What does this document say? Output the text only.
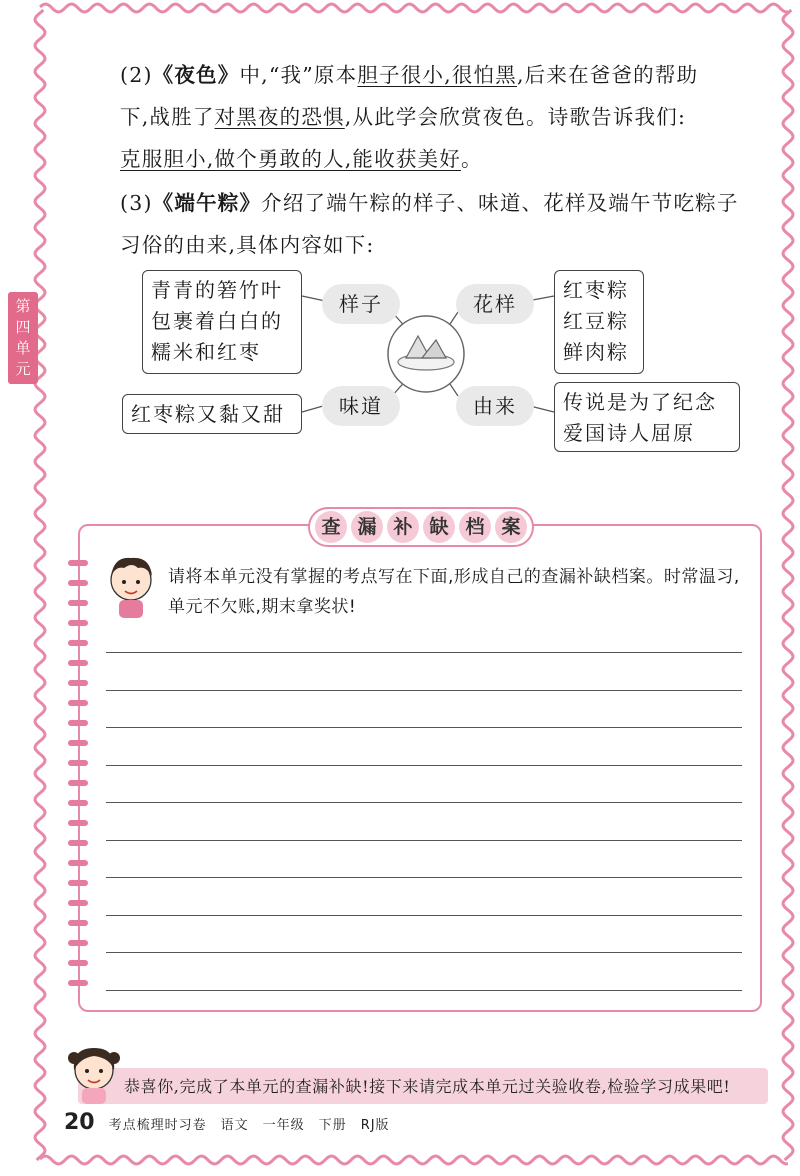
第
四
单
元
(2)《夜色》中,“我”原本胆子很小,很怕黑,后来在爸爸的帮助
下,战胜了对黑夜的恐惧,从此学会欣赏夜色。诗歌告诉我们:
克服胆小,做个勇敢的人,能收获美好。
(3)《端午粽》介绍了端午粽的样子、味道、花样及端午节吃粽子
习俗的由来,具体内容如下:
青青的箬竹叶
包裹着白白的
糯米和红枣
样子	花样
红枣粽
红豆粽
鲜肉粽
红枣粽又黏又甜	味道	由来	传说是为了纪念
爱国诗人屈原
查 漏 补 缺 档 案
请将本单元没有掌握的考点写在下面,形成自己的查漏补缺档案。时常温习,单元不欠账,期末拿奖状!
恭喜你,完成了本单元的查漏补缺!接下来请完成本单元过关验收卷,检验学习成果吧!
20 考点梳理时习卷 语文 一年级 下册 RJ版
